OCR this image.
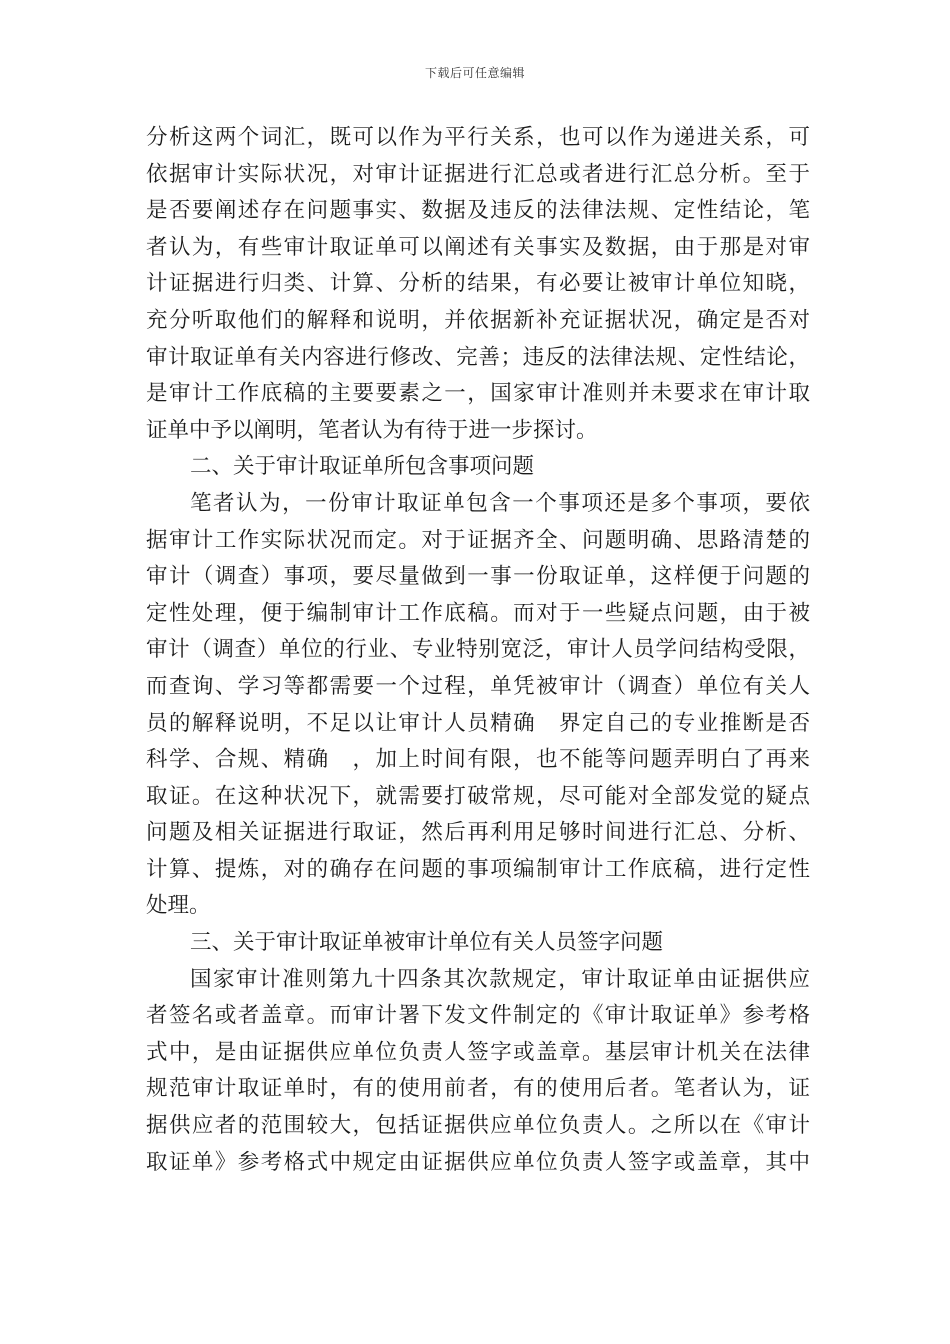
下载后可任意编辑
分析这两个词汇，既可以作为平行关系，也可以作为递进关系，可
依据审计实际状况，对审计证据进行汇总或者进行汇总分析。至于
是否要阐述存在问题事实、数据及违反的法律法规、定性结论，笔
者认为，有些审计取证单可以阐述有关事实及数据，由于那是对审
计证据进行归类、计算、分析的结果，有必要让被审计单位知晓，
充分听取他们的解释和说明，并依据新补充证据状况，确定是否对
审计取证单有关内容进行修改、完善；违反的法律法规、定性结论，
是审计工作底稿的主要要素之一，国家审计准则并未要求在审计取
证单中予以阐明，笔者认为有待于进一步探讨。
二、关于审计取证单所包含事项问题
笔者认为，一份审计取证单包含一个事项还是多个事项，要依
据审计工作实际状况而定。对于证据齐全、问题明确、思路清楚的
审计（调查）事项，要尽量做到一事一份取证单，这样便于问题的
定性处理，便于编制审计工作底稿。而对于一些疑点问题，由于被
审计（调查）单位的行业、专业特别宽泛，审计人员学问结构受限，
而查询、学习等都需要一个过程，单凭被审计（调查）单位有关人
员的解释说明，不足以让审计人员精确　界定自己的专业推断是否
科学、合规、精确　，加上时间有限，也不能等问题弄明白了再来
取证。在这种状况下，就需要打破常规，尽可能对全部发觉的疑点
问题及相关证据进行取证，然后再利用足够时间进行汇总、分析、
计算、提炼，对的确存在问题的事项编制审计工作底稿，进行定性
处理。
三、关于审计取证单被审计单位有关人员签字问题
国家审计准则第九十四条其次款规定，审计取证单由证据供应
者签名或者盖章。而审计署下发文件制定的《审计取证单》参考格
式中，是由证据供应单位负责人签字或盖章。基层审计机关在法律
规范审计取证单时，有的使用前者，有的使用后者。笔者认为，证
据供应者的范围较大，包括证据供应单位负责人。之所以在《审计
取证单》参考格式中规定由证据供应单位负责人签字或盖章，其中
